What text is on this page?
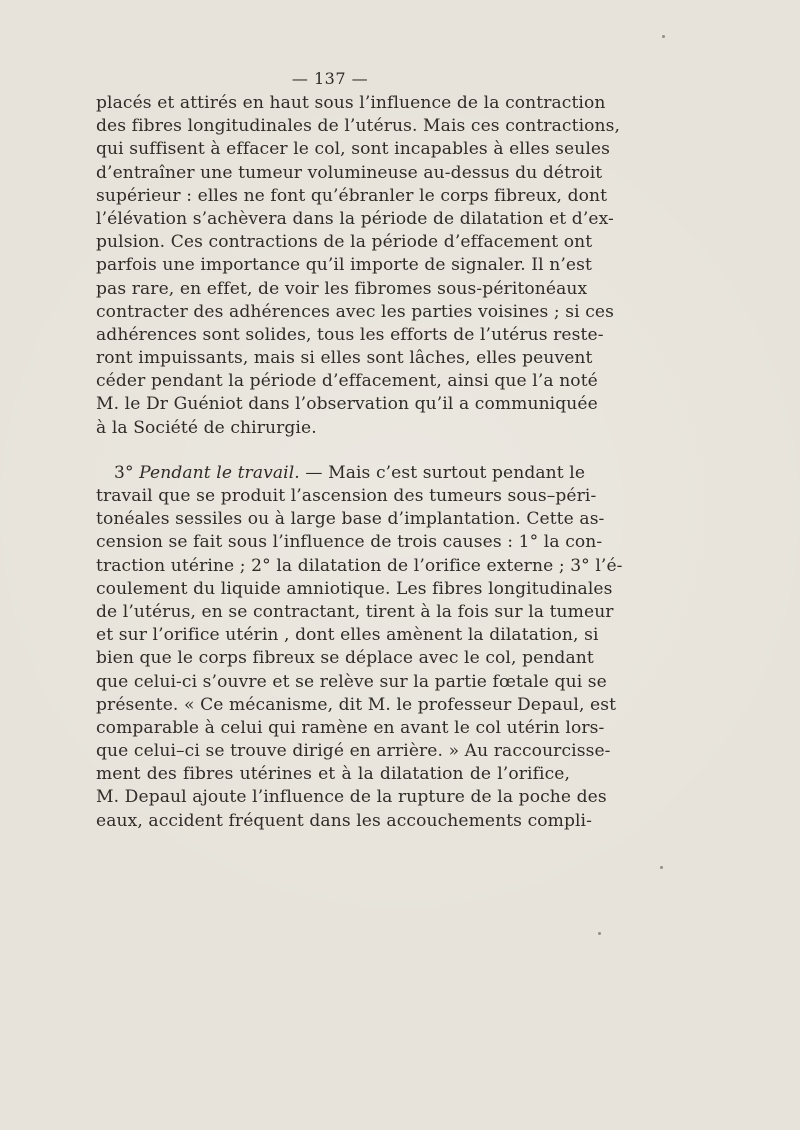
— 137 —
placés et attirés en haut sous l’influence de la contraction
des fibres longitudinales de l’utérus. Mais ces contractions,
qui suffisent à effacer le col, sont incapables à elles seules
d’entraîner une tumeur volumineuse au-dessus du détroit
supérieur : elles ne font qu’ébranler le corps fibreux, dont
l’élévation s’achèvera dans la période de dilatation et d’ex-
pulsion. Ces contractions de la période d’effacement ont
parfois une importance qu’il importe de signaler. Il n’est
pas rare, en effet, de voir les fibromes sous-péritonéaux
contracter des adhérences avec les parties voisines ; si ces
adhérences sont solides, tous les efforts de l’utérus reste-
ront impuissants, mais si elles sont lâches, elles peuvent
céder pendant la période d’effacement, ainsi que l’a noté
M. le Dr Guéniot dans l’observation qu’il a communiquée
à la Société de chirurgie.
3° Pendant le travail. — Mais c’est surtout pendant le
travail que se produit l’ascension des tumeurs sous–péri-
tonéales sessiles ou à large base d’implantation. Cette as-
cension se fait sous l’influence de trois causes : 1° la con-
traction utérine ; 2° la dilatation de l’orifice externe ; 3° l’é-
coulement du liquide amniotique. Les fibres longitudinales
de l’utérus, en se contractant, tirent à la fois sur la tumeur
et sur l’orifice utérin , dont elles amènent la dilatation, si
bien que le corps fibreux se déplace avec le col, pendant
que celui-ci s’ouvre et se relève sur la partie fœtale qui se
présente. « Ce mécanisme, dit M. le professeur Depaul, est
comparable à celui qui ramène en avant le col utérin lors-
que celui–ci se trouve dirigé en arrière. » Au raccourcisse-
ment des fibres utérines et à la dilatation de l’orifice,
M. Depaul ajoute l’influence de la rupture de la poche des
eaux, accident fréquent dans les accouchements compli-
